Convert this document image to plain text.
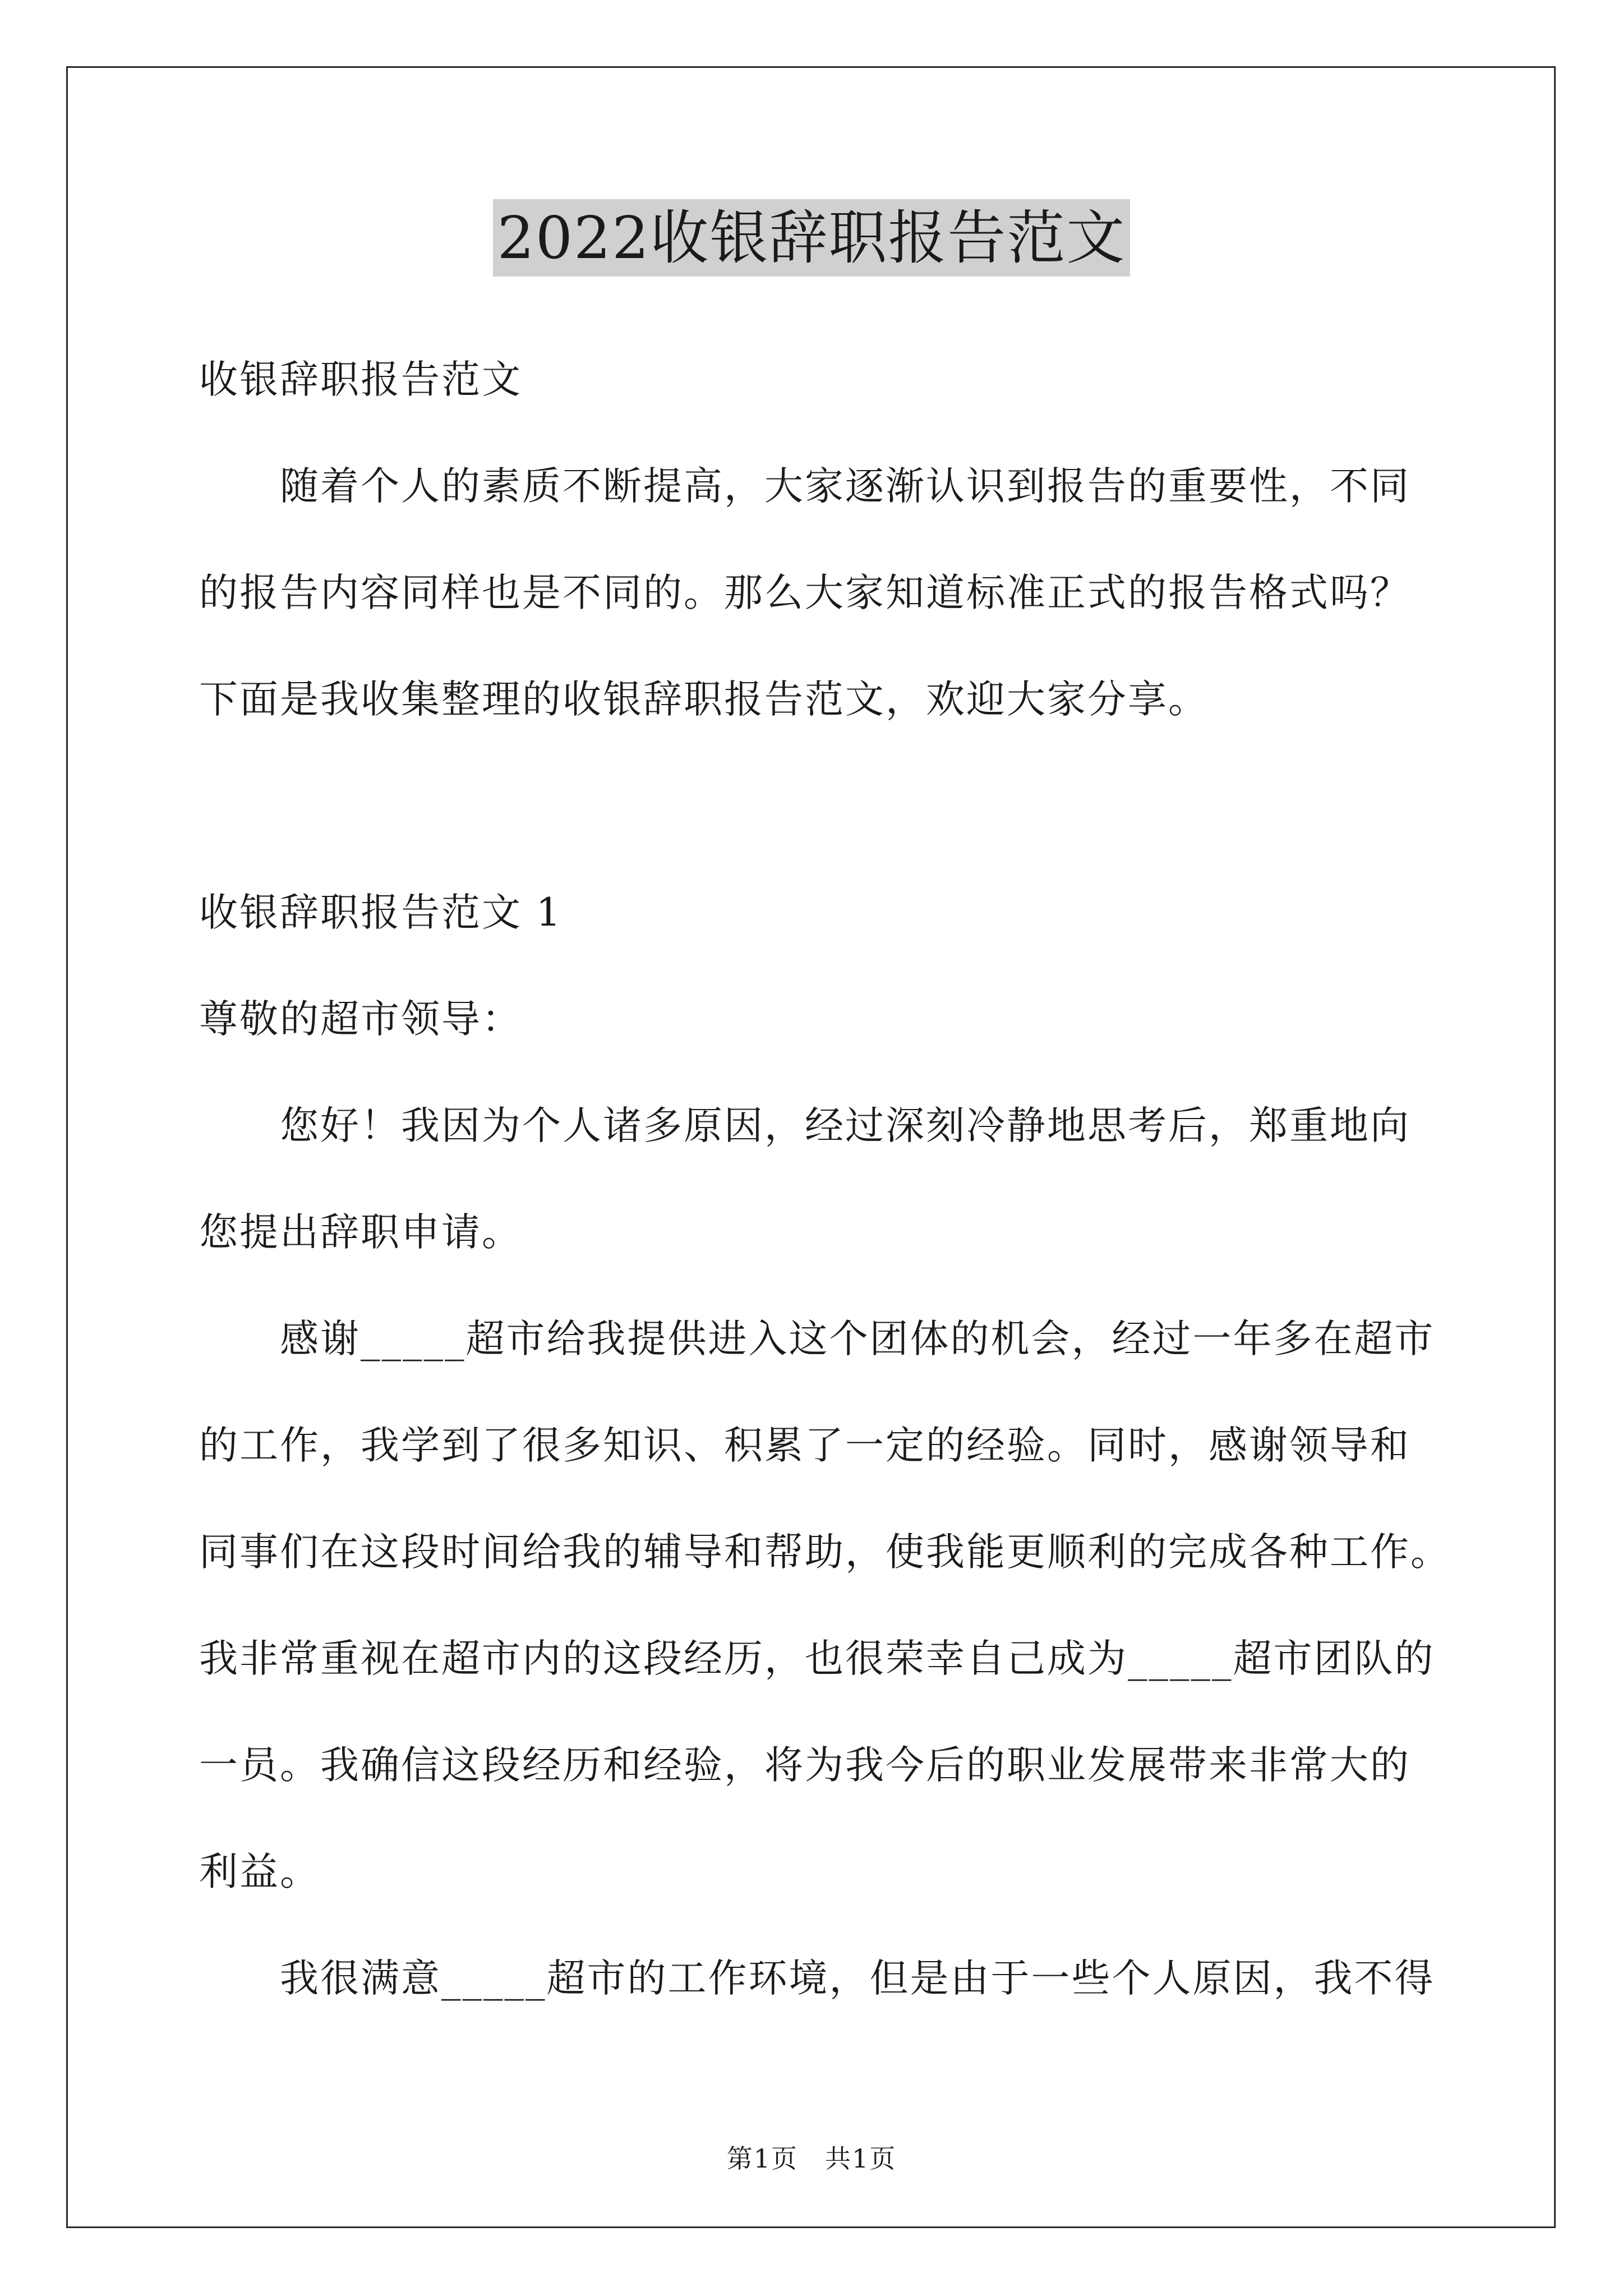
2022收银辞职报告范文
收银辞职报告范文
　　随着个人的素质不断提高，大家逐渐认识到报告的重要性，不同
的报告内容同样也是不同的。那么大家知道标准正式的报告格式吗？
下面是我收集整理的收银辞职报告范文，欢迎大家分享。
收银辞职报告范文 1
尊敬的超市领导：
　　您好！我因为个人诸多原因，经过深刻冷静地思考后，郑重地向
您提出辞职申请。
　　感谢_____超市给我提供进入这个团体的机会，经过一年多在超市
的工作，我学到了很多知识、积累了一定的经验。同时，感谢领导和
同事们在这段时间给我的辅导和帮助，使我能更顺利的完成各种工作。
我非常重视在超市内的这段经历，也很荣幸自己成为_____超市团队的
一员。我确信这段经历和经验，将为我今后的职业发展带来非常大的
利益。
　　我很满意_____超市的工作环境，但是由于一些个人原因，我不得
第1页　共1页
